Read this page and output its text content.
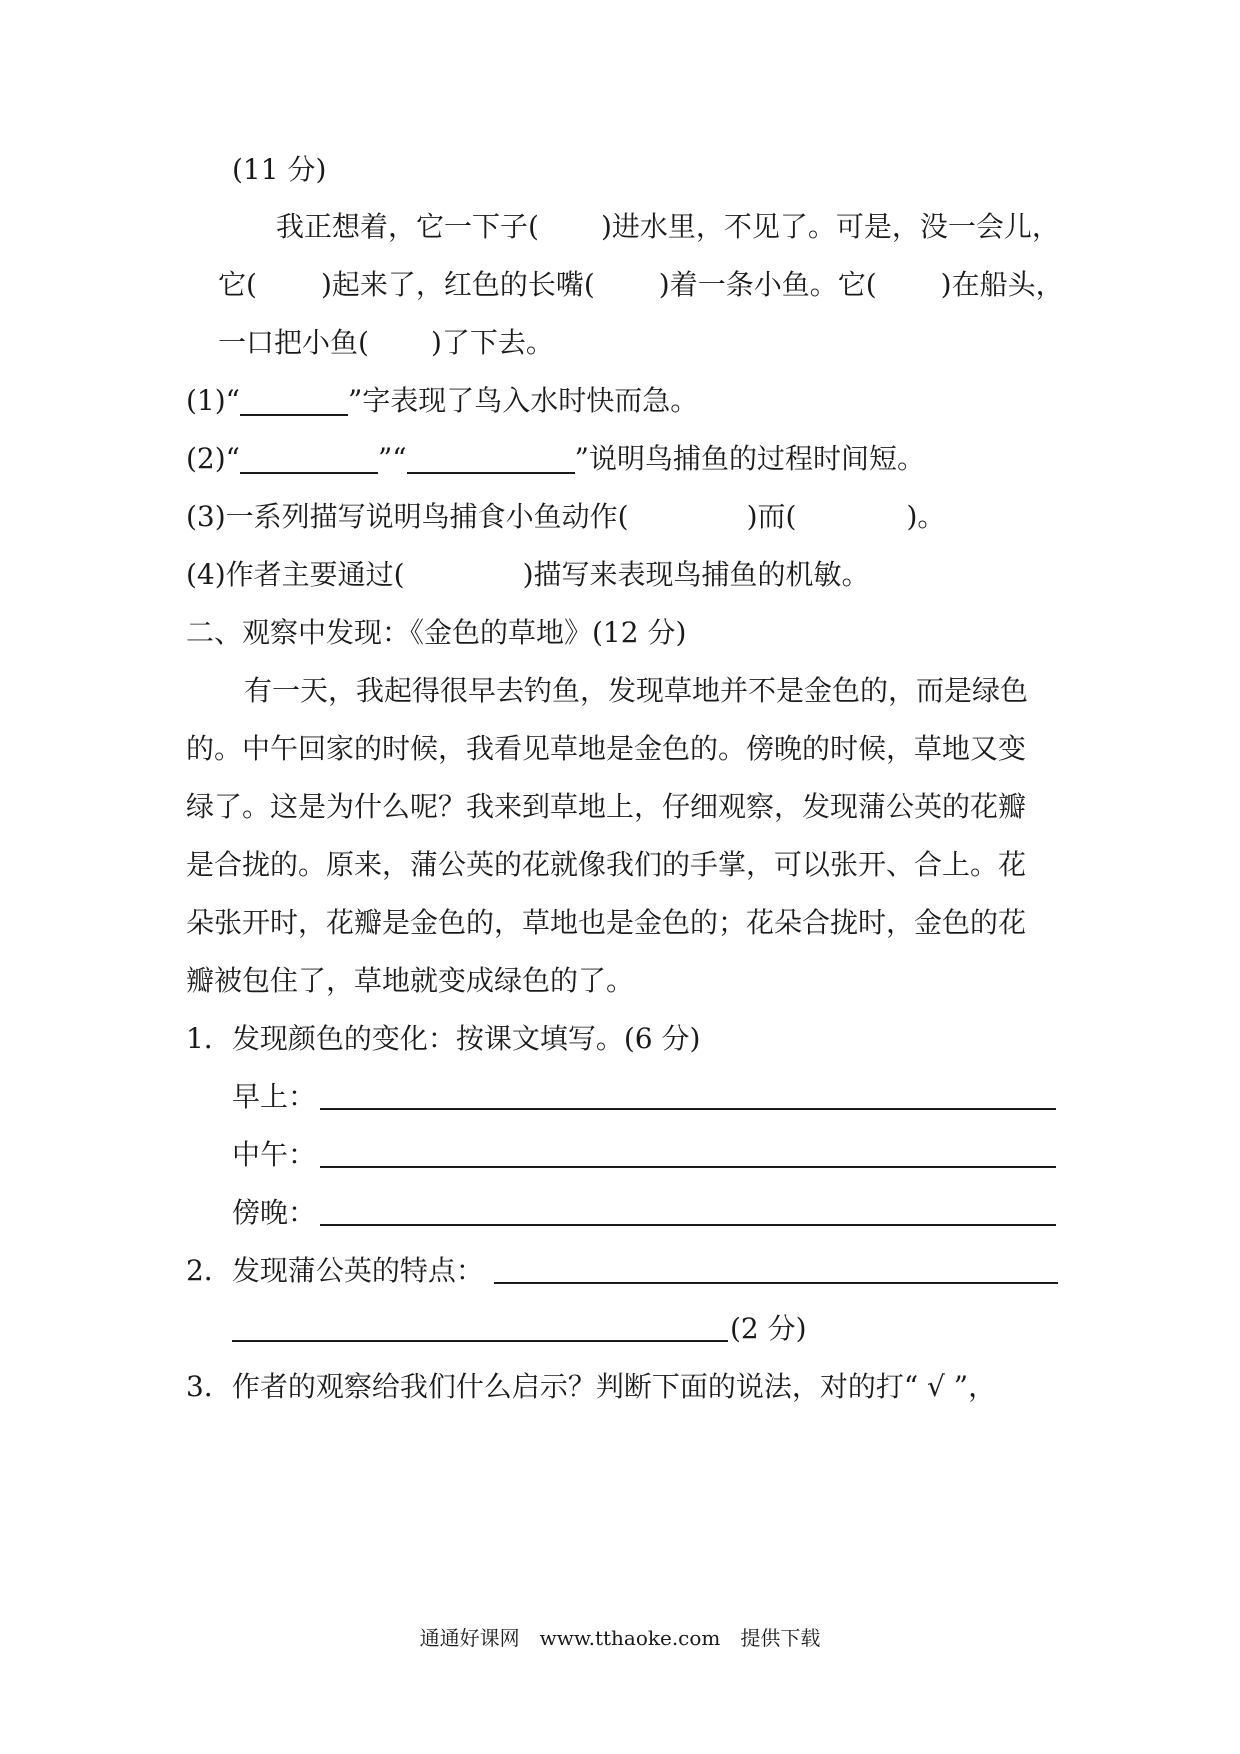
(11 分)
我正想着，它一下子( )进水里，不见了。可是，没一会儿，
它( )起来了，红色的长嘴( )着一条小鱼。它( )在船头，
一口把小鱼( )了下去。
(1)“	”字表现了鸟入水时快而急。
(2)“	”“	”说明鸟捕鱼的过程时间短。
(3)一系列描写说明鸟捕食小鱼动作(	)而(	)。
(4)作者主要通过(	)描写来表现鸟捕鱼的机敏。
二、观察中发现：《金色的草地》(12 分)
有一天，我起得很早去钓鱼，发现草地并不是金色的，而是绿色
的。中午回家的时候，我看见草地是金色的。傍晚的时候，草地又变
绿了。这是为什么呢？我来到草地上，仔细观察，发现蒲公英的花瓣
是合拢的。原来，蒲公英的花就像我们的手掌，可以张开、合上。花
朵张开时，花瓣是金色的，草地也是金色的；花朵合拢时，金色的花
瓣被包住了，草地就变成绿色的了。
1．发现颜色的变化：按课文填写。(6 分)
早上：
中午：
傍晚：
2．发现蒲公英的特点：
(2 分)
3．作者的观察给我们什么启示？判断下面的说法，对的打“ √ ”，
通通好课网　www.tthaoke.com　提供下载
